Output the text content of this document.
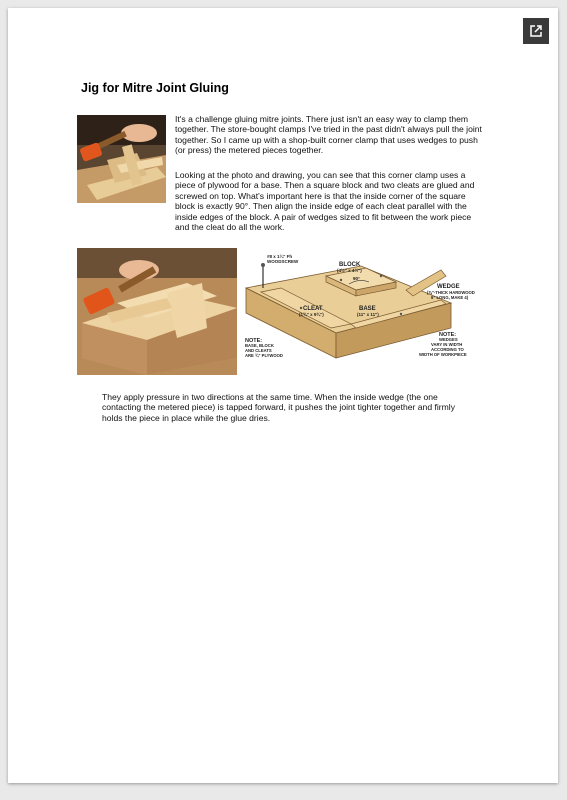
Jig for Mitre Joint Gluing

It's a challenge gluing mitre joints. There just isn't an easy way to clamp them together. The store-bought clamps I've tried in the past didn't always pull the joint together. So I came up with a shop-built corner clamp that uses wedges to push (or press) the metered pieces together.

Looking at the photo and drawing, you can see that this corner clamp uses a piece of plywood for a base. Then a square block and two cleats are glued and screwed on top. What's important here is that the inside corner of the square block is exactly 90°. Then align the inside edge of each cleat parallel with the inside edges of the block. A pair of wedges sized to fit between the work piece and the cleat do all the work.

#8 x 1¼" Fh
WOODSCREW
BLOCK
(4½" x 4½")
90°
WEDGE
(⅝"-THICK HARDWOOD
6" LONG, MAKE 4)
CLEAT
(1¾" x 9¾")
BASE
(11" x 11")
NOTE:
BASE, BLOCK
AND CLEATS
ARE ¾" PLYWOOD
NOTE:
WEDGES
VARY IN WIDTH
ACCORDING TO
WIDTH OF WORKPIECE

They apply pressure in two directions at the same time. When the inside wedge (the one contacting the metered piece) is tapped forward, it pushes the joint tighter together and firmly holds the piece in place while the glue dries.
